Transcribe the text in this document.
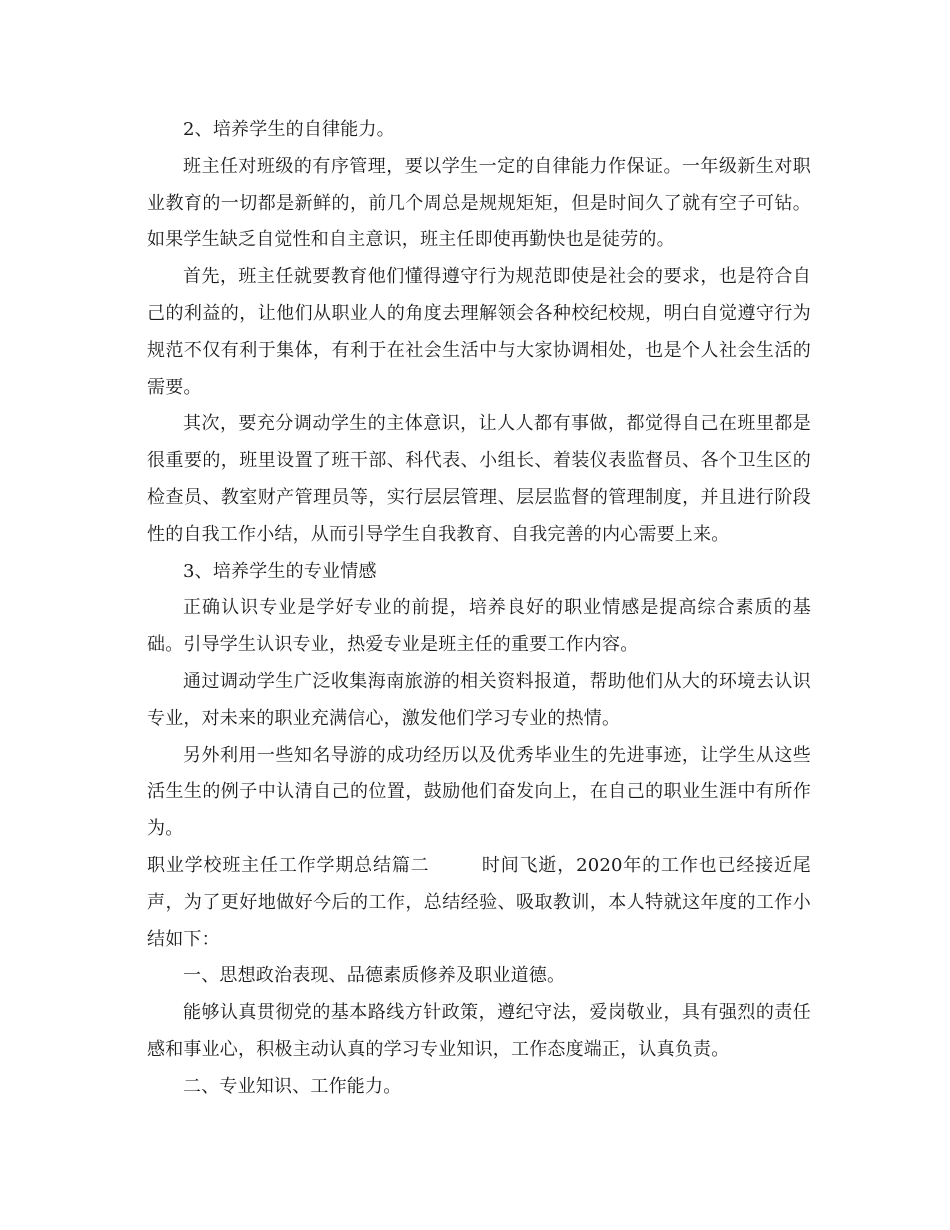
2、培养学生的自律能力。

班主任对班级的有序管理，要以学生一定的自律能力作保证。一年级新生对职业教育的一切都是新鲜的，前几个周总是规规矩矩，但是时间久了就有空子可钻。如果学生缺乏自觉性和自主意识，班主任即使再勤快也是徒劳的。

首先，班主任就要教育他们懂得遵守行为规范即使是社会的要求，也是符合自己的利益的，让他们从职业人的角度去理解领会各种校纪校规，明白自觉遵守行为规范不仅有利于集体，有利于在社会生活中与大家协调相处，也是个人社会生活的需要。

其次，要充分调动学生的主体意识，让人人都有事做，都觉得自己在班里都是很重要的，班里设置了班干部、科代表、小组长、着装仪表监督员、各个卫生区的检查员、教室财产管理员等，实行层层管理、层层监督的管理制度，并且进行阶段性的自我工作小结，从而引导学生自我教育、自我完善的内心需要上来。

3、培养学生的专业情感

正确认识专业是学好专业的前提，培养良好的职业情感是提高综合素质的基础。引导学生认识专业，热爱专业是班主任的重要工作内容。

通过调动学生广泛收集海南旅游的相关资料报道，帮助他们从大的环境去认识专业，对未来的职业充满信心，激发他们学习专业的热情。

另外利用一些知名导游的成功经历以及优秀毕业生的先进事迹，让学生从这些活生生的例子中认清自己的位置，鼓励他们奋发向上，在自己的职业生涯中有所作为。

职业学校班主任工作学期总结篇二	时间飞逝，2020年的工作也已经接近尾声，为了更好地做好今后的工作，总结经验、吸取教训，本人特就这年度的工作小结如下：

一、思想政治表现、品德素质修养及职业道德。

能够认真贯彻党的基本路线方针政策，遵纪守法，爱岗敬业，具有强烈的责任感和事业心，积极主动认真的学习专业知识，工作态度端正，认真负责。

二、专业知识、工作能力。
